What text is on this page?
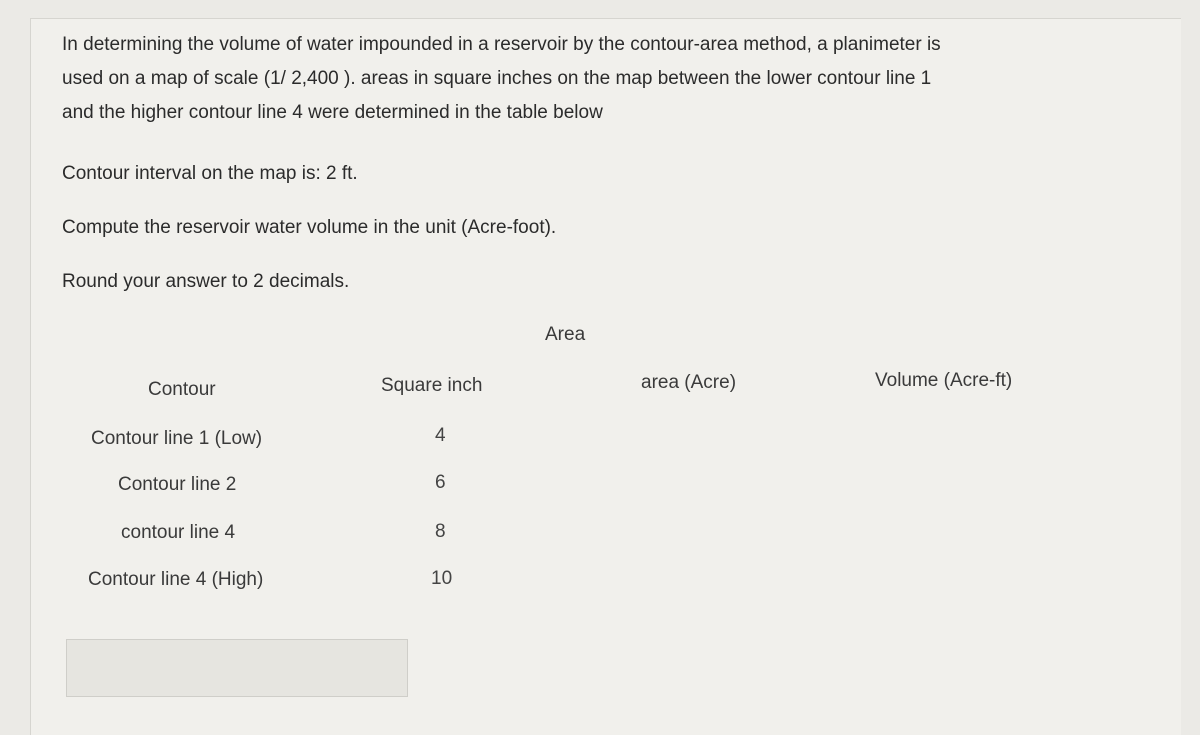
In determining the volume of water impounded in a reservoir by the contour-area method, a planimeter is
used on a map of scale (1/ 2,400 ). areas in square inches on the map between the lower contour line 1
and the higher contour line 4 were determined in the table below

Contour interval on the map is: 2 ft.

Compute the reservoir water volume in the unit (Acre-foot).

Round your answer to 2 decimals.

Area
Contour	Square inch	area (Acre)	Volume (Acre-ft)
Contour line 1 (Low)	4
Contour line 2	6
contour line 4	8
Contour line 4 (High)	10
